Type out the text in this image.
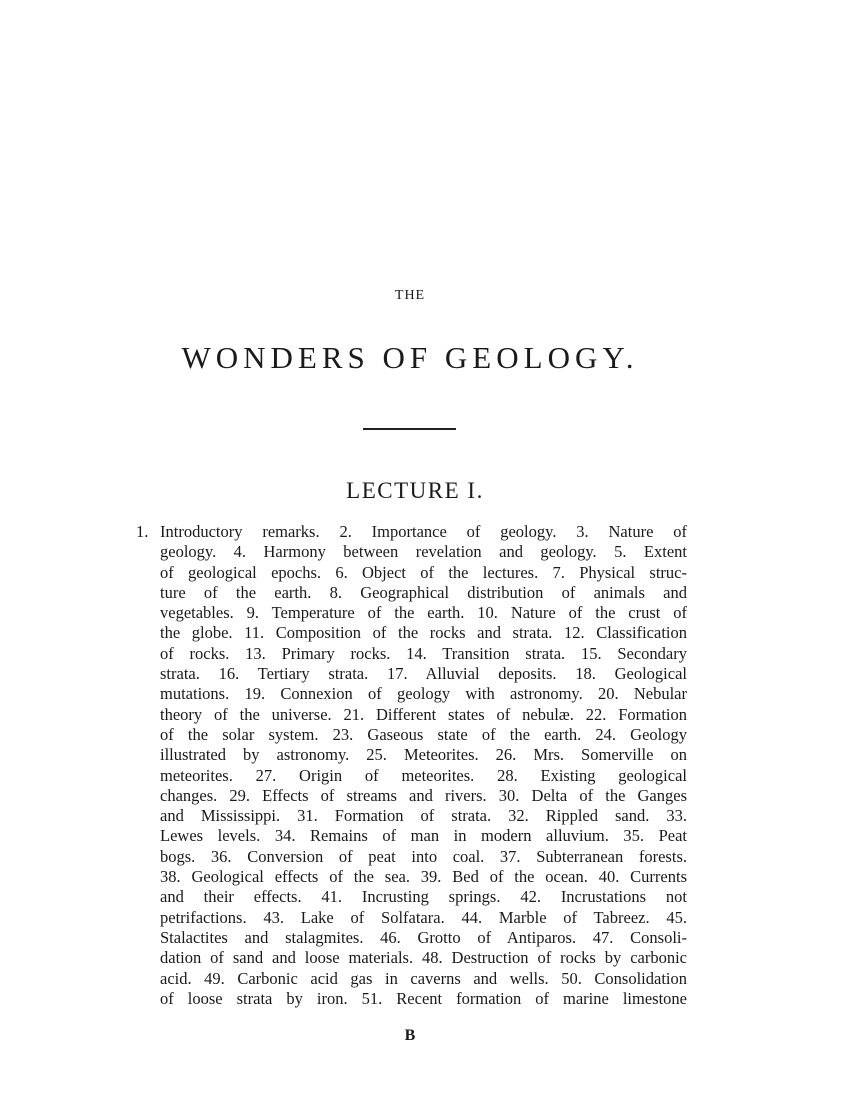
THE
WONDERS OF GEOLOGY.
LECTURE I.
1. Introductory remarks. 2. Importance of geology. 3. Nature of
geology. 4. Harmony between revelation and geology. 5. Extent
of geological epochs. 6. Object of the lectures. 7. Physical struc-
ture of the earth. 8. Geographical distribution of animals and
vegetables. 9. Temperature of the earth. 10. Nature of the crust of
the globe. 11. Composition of the rocks and strata. 12. Classification
of rocks. 13. Primary rocks. 14. Transition strata. 15. Secondary
strata. 16. Tertiary strata. 17. Alluvial deposits. 18. Geological
mutations. 19. Connexion of geology with astronomy. 20. Nebular
theory of the universe. 21. Different states of nebulæ. 22. Formation
of the solar system. 23. Gaseous state of the earth. 24. Geology
illustrated by astronomy. 25. Meteorites. 26. Mrs. Somerville on
meteorites. 27. Origin of meteorites. 28. Existing geological
changes. 29. Effects of streams and rivers. 30. Delta of the Ganges
and Mississippi. 31. Formation of strata. 32. Rippled sand. 33.
Lewes levels. 34. Remains of man in modern alluvium. 35. Peat
bogs. 36. Conversion of peat into coal. 37. Subterranean forests.
38. Geological effects of the sea. 39. Bed of the ocean. 40. Currents
and their effects. 41. Incrusting springs. 42. Incrustations not
petrifactions. 43. Lake of Solfatara. 44. Marble of Tabreez. 45.
Stalactites and stalagmites. 46. Grotto of Antiparos. 47. Consoli-
dation of sand and loose materials. 48. Destruction of rocks by carbonic
acid. 49. Carbonic acid gas in caverns and wells. 50. Consolidation
of loose strata by iron. 51. Recent formation of marine limestone
B
